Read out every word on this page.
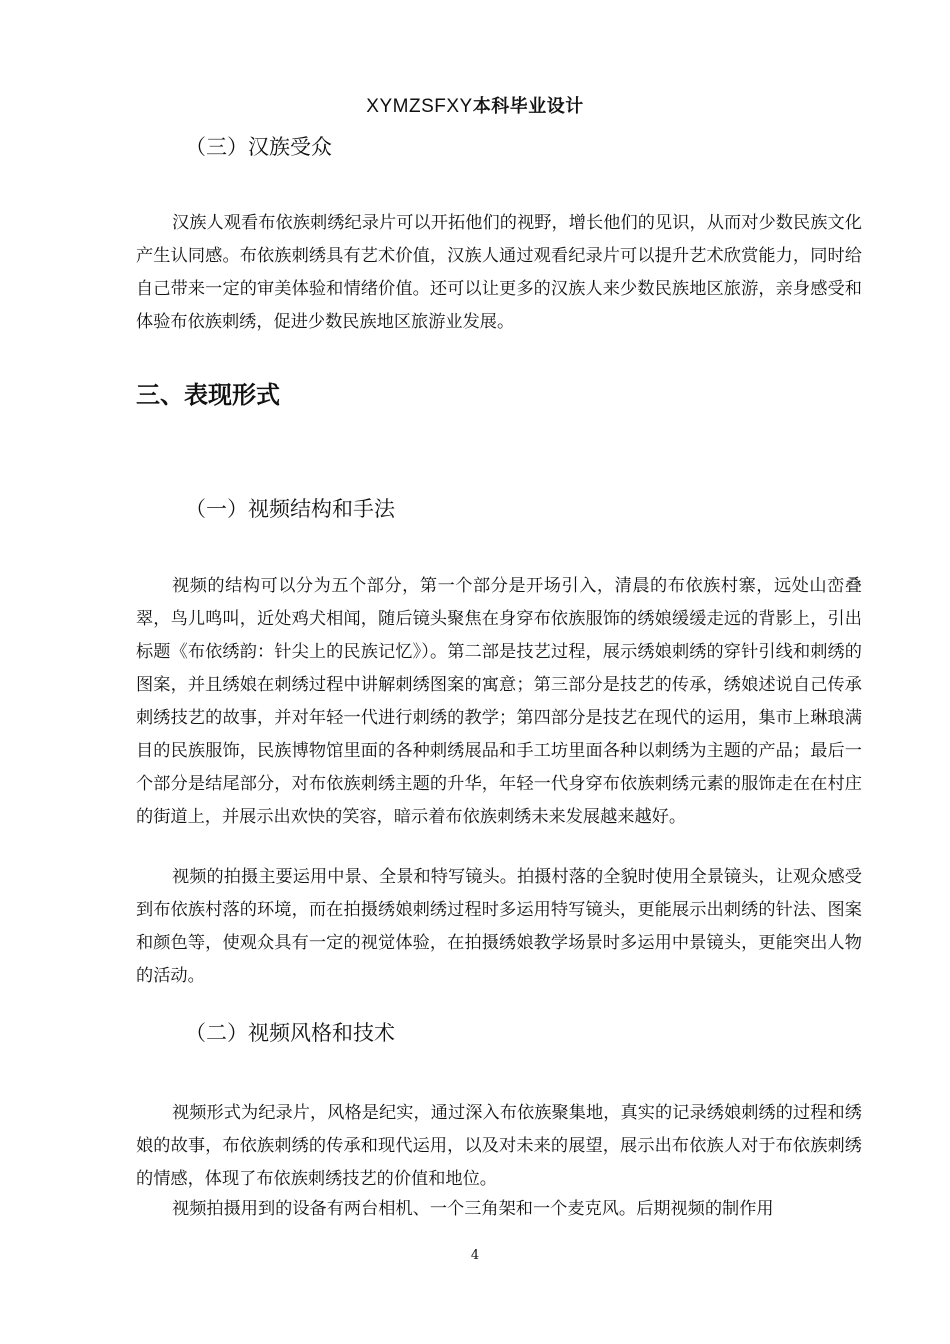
XYMZSFXY本科毕业设计
（三）汉族受众

汉族人观看布依族刺绣纪录片可以开拓他们的视野，增长他们的见识，从而对少数民族文化产生认同感。布依族刺绣具有艺术价值，汉族人通过观看纪录片可以提升艺术欣赏能力，同时给自己带来一定的审美体验和情绪价值。还可以让更多的汉族人来少数民族地区旅游，亲身感受和体验布依族刺绣，促进少数民族地区旅游业发展。

三、表现形式
（一）视频结构和手法

视频的结构可以分为五个部分，第一个部分是开场引入，清晨的布依族村寨，远处山峦叠翠，鸟儿鸣叫，近处鸡犬相闻，随后镜头聚焦在身穿布依族服饰的绣娘缓缓走远的背影上，引出标题《布依绣韵：针尖上的民族记忆》）。第二部是技艺过程，展示绣娘刺绣的穿针引线和刺绣的图案，并且绣娘在刺绣过程中讲解刺绣图案的寓意；第三部分是技艺的传承，绣娘述说自己传承刺绣技艺的故事，并对年轻一代进行刺绣的教学；第四部分是技艺在现代的运用，集市上琳琅满目的民族服饰，民族博物馆里面的各种刺绣展品和手工坊里面各种以刺绣为主题的产品；最后一个部分是结尾部分，对布依族刺绣主题的升华，年轻一代身穿布依族刺绣元素的服饰走在在村庄的街道上，并展示出欢快的笑容，暗示着布依族刺绣未来发展越来越好。

视频的拍摄主要运用中景、全景和特写镜头。拍摄村落的全貌时使用全景镜头，让观众感受到布依族村落的环境，而在拍摄绣娘刺绣过程时多运用特写镜头，更能展示出刺绣的针法、图案和颜色等，使观众具有一定的视觉体验，在拍摄绣娘教学场景时多运用中景镜头，更能突出人物的活动。

（二）视频风格和技术

视频形式为纪录片，风格是纪实，通过深入布依族聚集地，真实的记录绣娘刺绣的过程和绣娘的故事，布依族刺绣的传承和现代运用，以及对未来的展望，展示出布依族人对于布依族刺绣的情感，体现了布依族刺绣技艺的价值和地位。

视频拍摄用到的设备有两台相机、一个三角架和一个麦克风。后期视频的制作用

4
